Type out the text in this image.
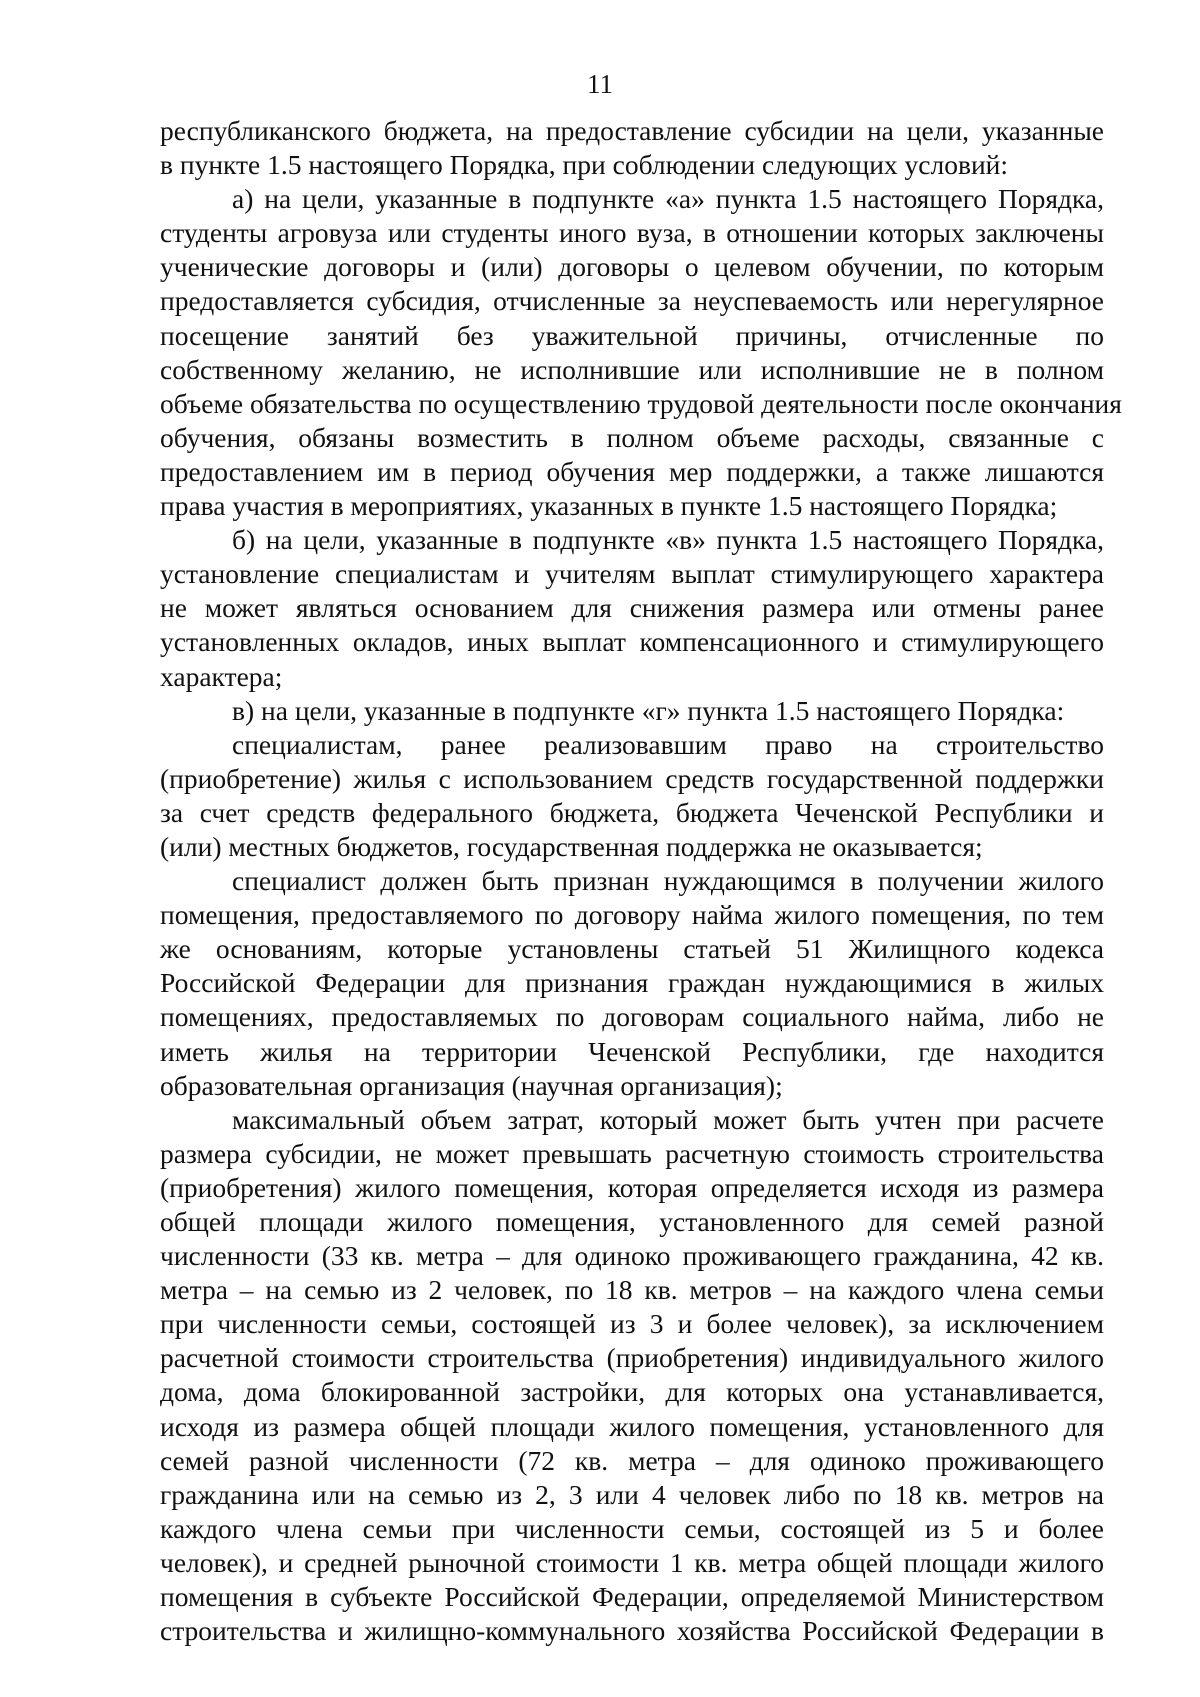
11
республиканского бюджета, на предоставление субсидии на цели, указанные
в пункте 1.5 настоящего Порядка, при соблюдении следующих условий:
а) на цели, указанные в подпункте «а» пункта 1.5 настоящего Порядка,
студенты агровуза или студенты иного вуза, в отношении которых заключены
ученические договоры и (или) договоры о целевом обучении, по которым
предоставляется субсидия, отчисленные за неуспеваемость или нерегулярное
посещение занятий без уважительной причины, отчисленные по
собственному желанию, не исполнившие или исполнившие не в полном
объеме обязательства по осуществлению трудовой деятельности после окончания
обучения, обязаны возместить в полном объеме расходы, связанные с
предоставлением им в период обучения мер поддержки, а также лишаются
права участия в мероприятиях, указанных в пункте 1.5 настоящего Порядка;
б) на цели, указанные в подпункте «в» пункта 1.5 настоящего Порядка,
установление специалистам и учителям выплат стимулирующего характера
не может являться основанием для снижения размера или отмены ранее
установленных окладов, иных выплат компенсационного и стимулирующего
характера;
в) на цели, указанные в подпункте «г» пункта 1.5 настоящего Порядка:
специалистам, ранее реализовавшим право на строительство
(приобретение) жилья с использованием средств государственной поддержки
за счет средств федерального бюджета, бюджета Чеченской Республики и
(или) местных бюджетов, государственная поддержка не оказывается;
специалист должен быть признан нуждающимся в получении жилого
помещения, предоставляемого по договору найма жилого помещения, по тем
же основаниям, которые установлены статьей 51 Жилищного кодекса
Российской Федерации для признания граждан нуждающимися в жилых
помещениях, предоставляемых по договорам социального найма, либо не
иметь жилья на территории Чеченской Республики, где находится
образовательная организация (научная организация);
максимальный объем затрат, который может быть учтен при расчете
размера субсидии, не может превышать расчетную стоимость строительства
(приобретения) жилого помещения, которая определяется исходя из размера
общей площади жилого помещения, установленного для семей разной
численности (33 кв. метра – для одиноко проживающего гражданина, 42 кв.
метра – на семью из 2 человек, по 18 кв. метров – на каждого члена семьи
при численности семьи, состоящей из 3 и более человек), за исключением
расчетной стоимости строительства (приобретения) индивидуального жилого
дома, дома блокированной застройки, для которых она устанавливается,
исходя из размера общей площади жилого помещения, установленного для
семей разной численности (72 кв. метра – для одиноко проживающего
гражданина или на семью из 2, 3 или 4 человек либо по 18 кв. метров на
каждого члена семьи при численности семьи, состоящей из 5 и более
человек), и средней рыночной стоимости 1 кв. метра общей площади жилого
помещения в субъекте Российской Федерации, определяемой Министерством
строительства и жилищно-коммунального хозяйства Российской Федерации в
